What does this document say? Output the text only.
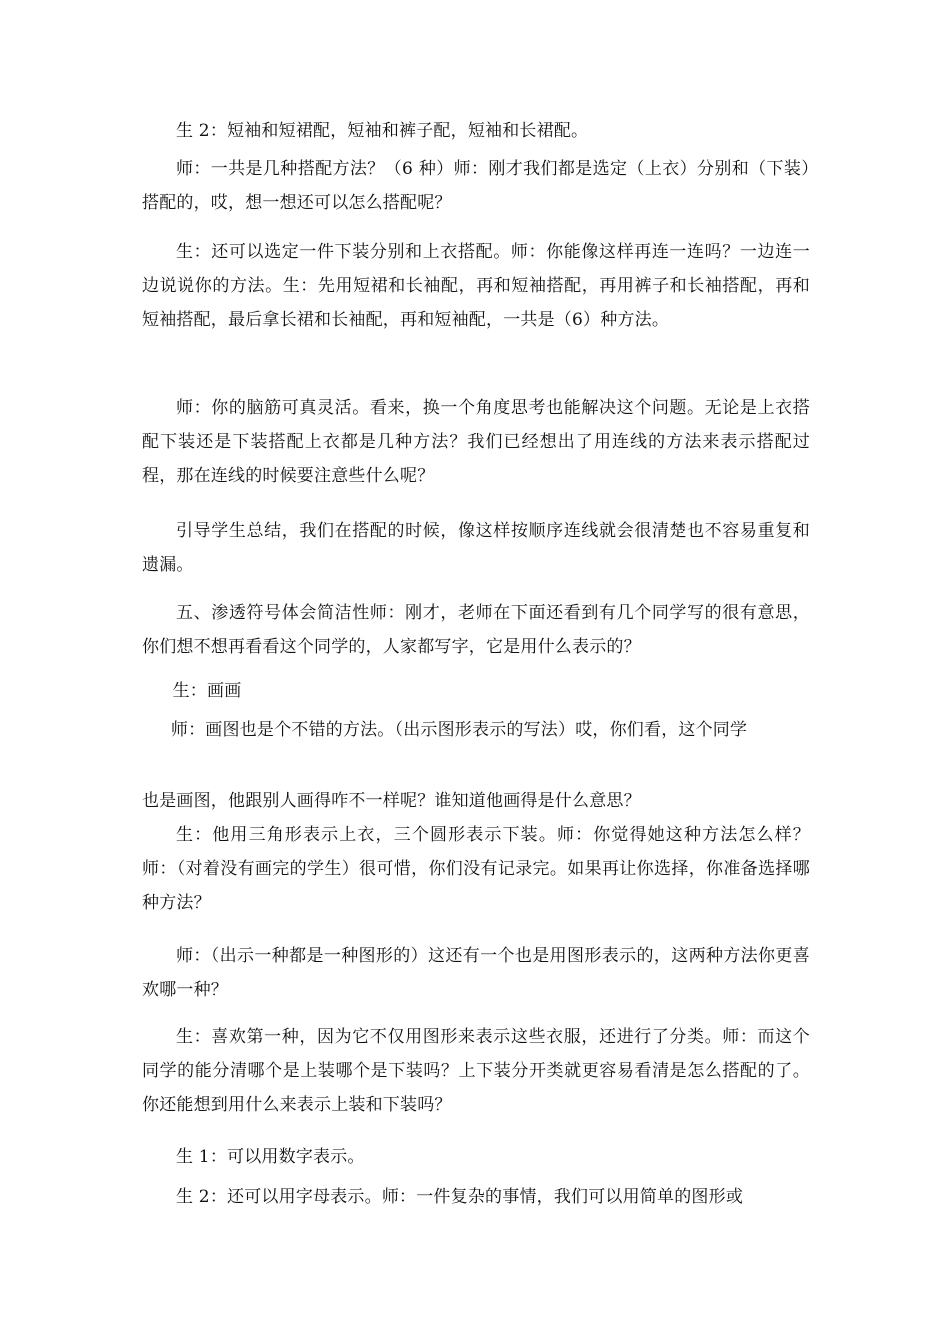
生 2：短袖和短裙配，短袖和裤子配，短袖和长裙配。
师：一共是几种搭配方法？（6 种）师：刚才我们都是选定（上衣）分别和（下装）搭配的，哎，想一想还可以怎么搭配呢？
生：还可以选定一件下装分别和上衣搭配。师：你能像这样再连一连吗？一边连一边说说你的方法。生：先用短裙和长袖配，再和短袖搭配，再用裤子和长袖搭配，再和短袖搭配，最后拿长裙和长袖配，再和短袖配，一共是（6）种方法。
师：你的脑筋可真灵活。看来，换一个角度思考也能解决这个问题。无论是上衣搭配下装还是下装搭配上衣都是几种方法？我们已经想出了用连线的方法来表示搭配过程，那在连线的时候要注意些什么呢？
引导学生总结，我们在搭配的时候，像这样按顺序连线就会很清楚也不容易重复和遗漏。
五、渗透符号体会简洁性师：刚才，老师在下面还看到有几个同学写的很有意思，你们想不想再看看这个同学的，人家都写字，它是用什么表示的？
生：画画
师：画图也是个不错的方法。（出示图形表示的写法）哎，你们看，这个同学
也是画图，他跟别人画得咋不一样呢？谁知道他画得是什么意思？
生：他用三角形表示上衣，三个圆形表示下装。师：你觉得她这种方法怎么样？师：（对着没有画完的学生）很可惜，你们没有记录完。如果再让你选择，你准备选择哪种方法？
师：（出示一种都是一种图形的）这还有一个也是用图形表示的，这两种方法你更喜欢哪一种？
生：喜欢第一种，因为它不仅用图形来表示这些衣服，还进行了分类。师：而这个同学的能分清哪个是上装哪个是下装吗？上下装分开类就更容易看清是怎么搭配的了。你还能想到用什么来表示上装和下装吗？
生 1：可以用数字表示。
生 2：还可以用字母表示。师：一件复杂的事情，我们可以用简单的图形或
